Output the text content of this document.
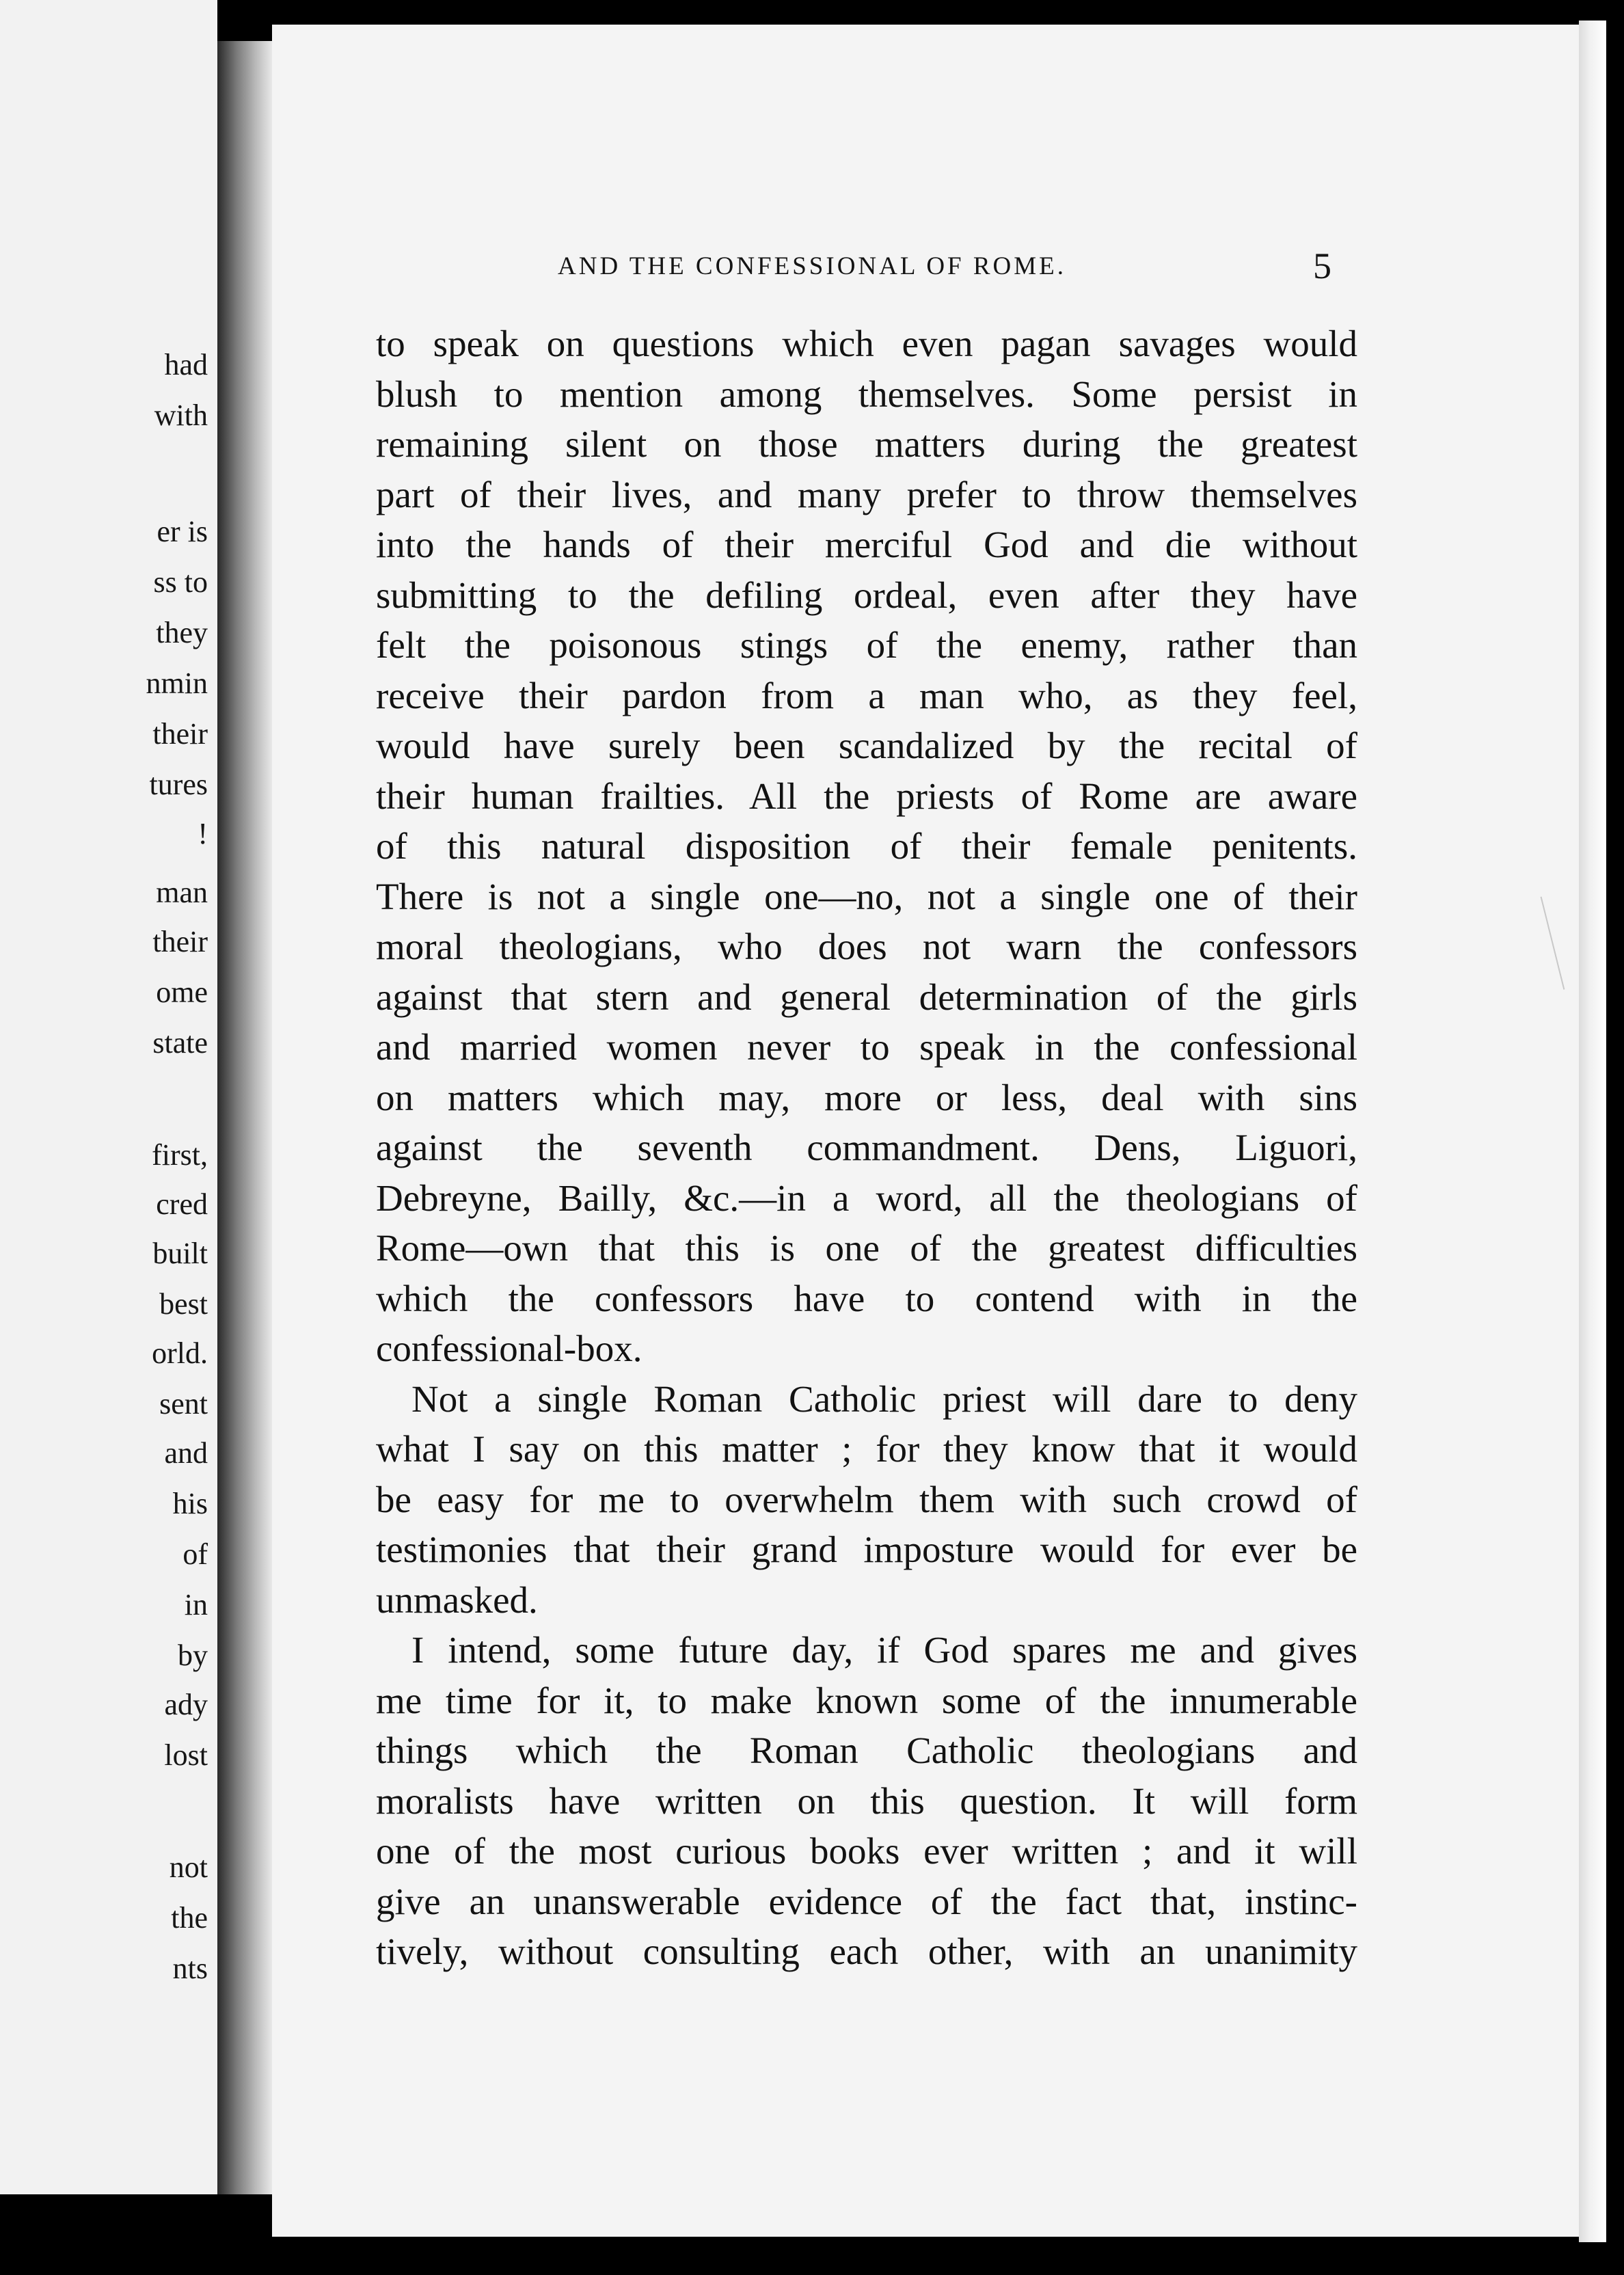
had
with
er is
ss to
they
nmin
their
tures
!
man
their
ome
state
first,
cred
built
best
orld.
sent
and
his
of
in
by
ady
lost
not
the
nts
AND THE CONFESSIONAL OF ROME.	5
to speak on questions which even pagan savages would
blush to mention among themselves. Some persist in
remaining silent on those matters during the greatest
part of their lives, and many prefer to throw themselves
into the hands of their merciful God and die without
submitting to the defiling ordeal, even after they have
felt the poisonous stings of the enemy, rather than
receive their pardon from a man who, as they feel,
would have surely been scandalized by the recital of
their human frailties. All the priests of Rome are aware
of this natural disposition of their female penitents.
There is not a single one—no, not a single one of their
moral theologians, who does not warn the confessors
against that stern and general determination of the girls
and married women never to speak in the confessional
on matters which may, more or less, deal with sins
against the seventh commandment. Dens, Liguori,
Debreyne, Bailly, &c.—in a word, all the theologians of
Rome—own that this is one of the greatest difficulties
which the confessors have to contend with in the
confessional-box.
Not a single Roman Catholic priest will dare to deny
what I say on this matter ; for they know that it would
be easy for me to overwhelm them with such crowd of
testimonies that their grand imposture would for ever be
unmasked.
I intend, some future day, if God spares me and gives
me time for it, to make known some of the innumerable
things which the Roman Catholic theologians and
moralists have written on this question. It will form
one of the most curious books ever written ; and it will
give an unanswerable evidence of the fact that, instinc-
tively, without consulting each other, with an unanimity
